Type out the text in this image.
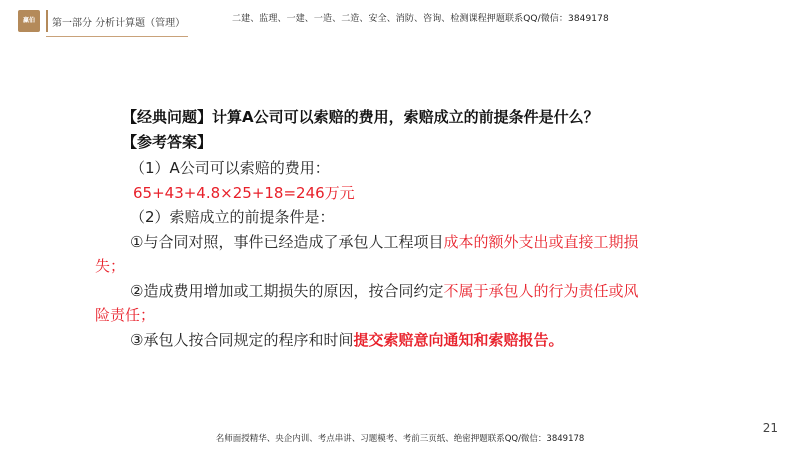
赢伯	第一部分 分析计算题（管理）	二建、监理、一建、一造、二造、安全、消防、咨询、检测课程押题联系QQ/微信：3849178
【经典问题】计算A公司可以索赔的费用，索赔成立的前提条件是什么？
【参考答案】
（1）A公司可以索赔的费用：
65+43+4.8×25+18=246万元
（2）索赔成立的前提条件是：
①与合同对照，事件已经造成了承包人工程项目成本的额外支出或直接工期损
失；
②造成费用增加或工期损失的原因，按合同约定不属于承包人的行为责任或风
险责任；
③承包人按合同规定的程序和时间提交索赔意向通知和索赔报告。
21
名师面授精华、央企内训、考点串讲、习题模考、考前三页纸、绝密押题联系QQ/微信：3849178
